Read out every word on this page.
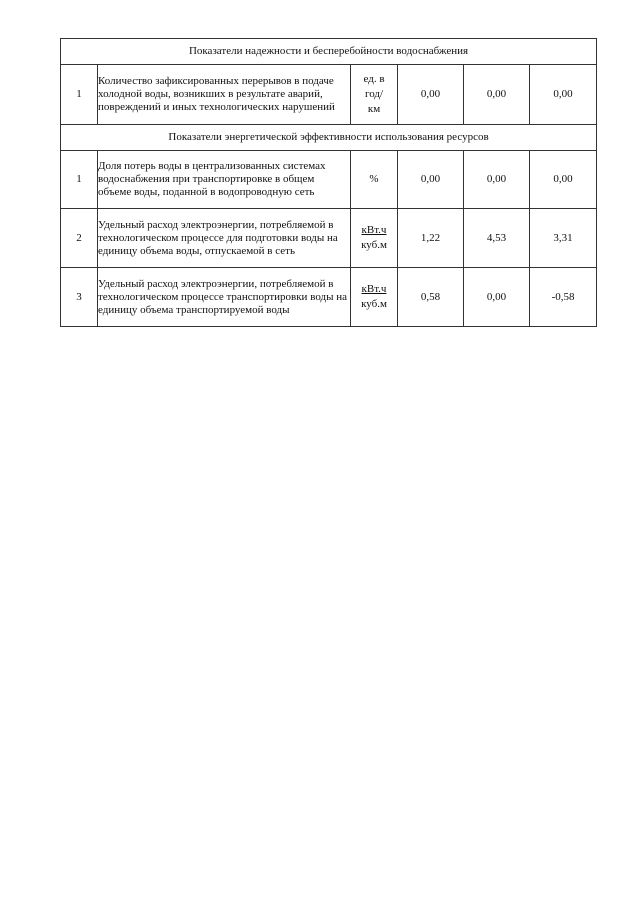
Показатели надежности и бесперебойности водоснабжения					
1	Количество зафиксированных перерывов в подаче холодной воды, возникших в результате аварий, повреждений и иных технологических нарушений	ед. в
год/
км	0,00	0,00	0,00
Показатели энергетической эффективности использования ресурсов					
1	Доля потерь воды в централизованных системах водоснабжения при транспортировке в общем объеме воды, поданной в водопроводную сеть	%	0,00	0,00	0,00
2	Удельный расход электроэнергии, потребляемой в технологическом процессе для подготовки воды на единицу объема воды, отпускаемой в сеть	кВт.ч
куб.м	1,22	4,53	3,31
3	Удельный расход электроэнергии, потребляемой в технологическом процессе транспортировки воды на единицу объема транспортируемой воды	кВт.ч
куб.м	0,58	0,00	-0,58
